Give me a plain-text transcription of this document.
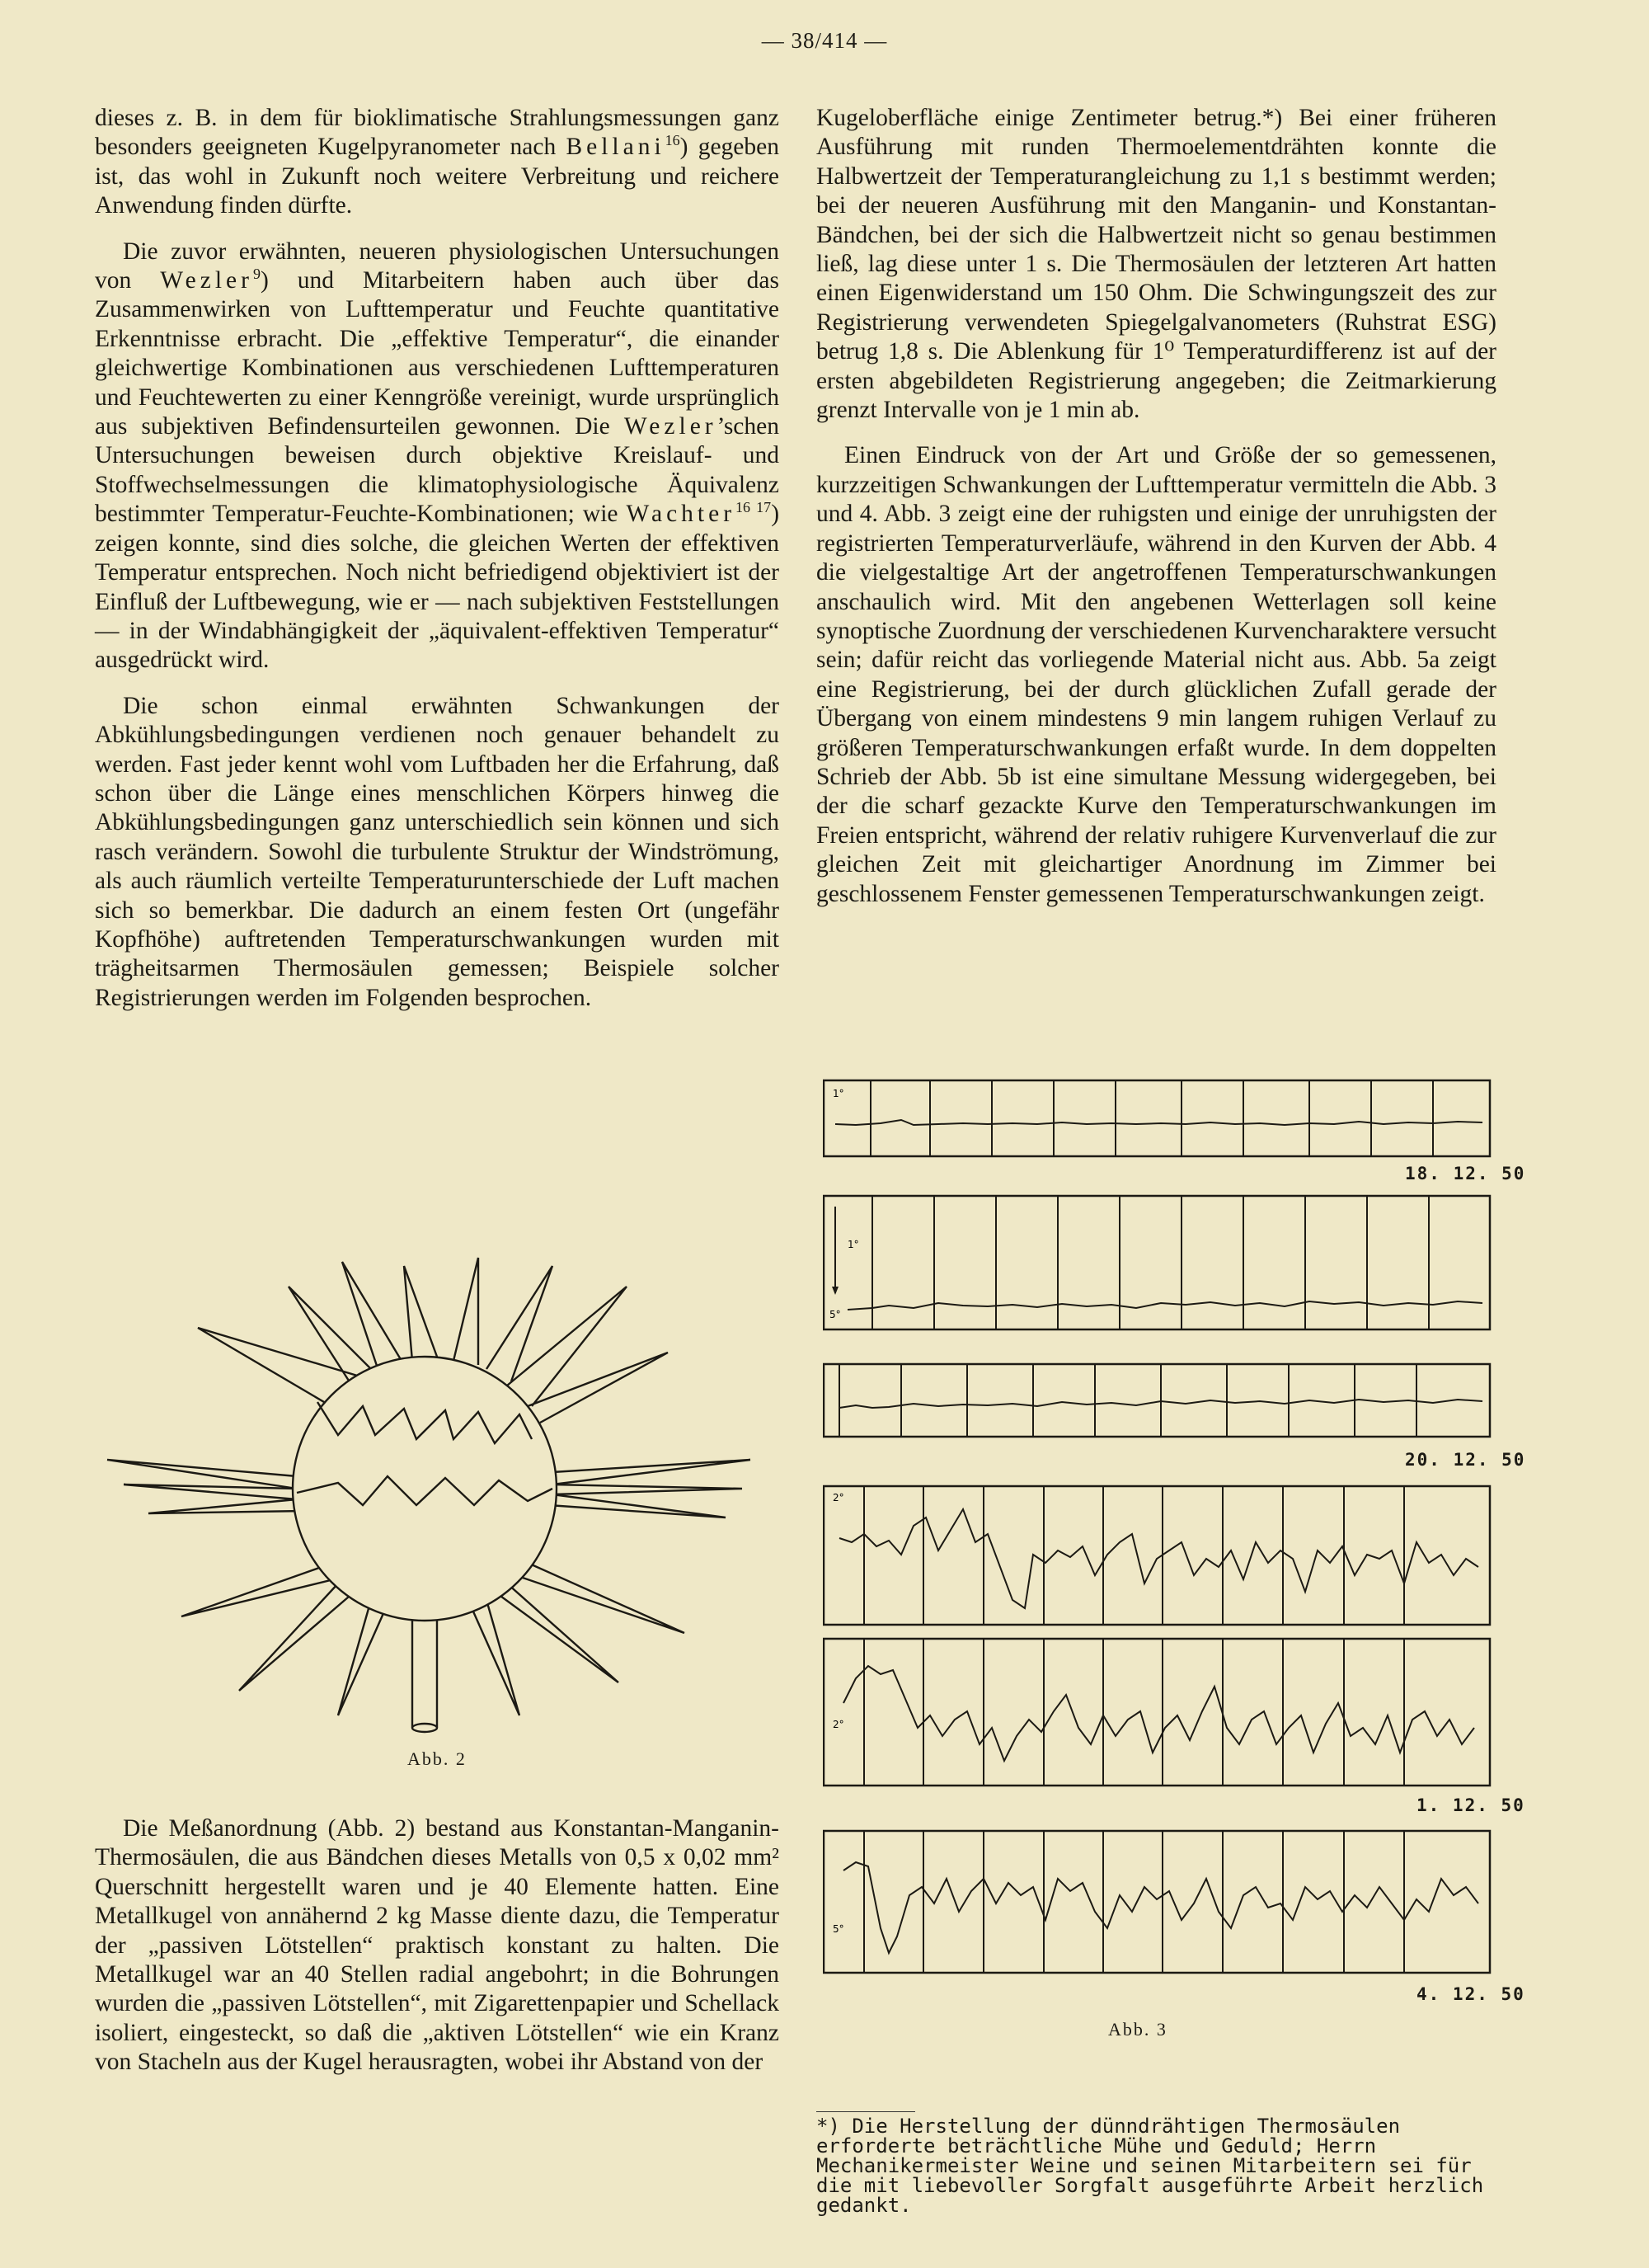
— 38/414 —

dieses z. B. in dem für bioklimatische Strahlungsmessungen ganz besonders geeigneten Kugelpyranometer nach Bellani$^{16}$) gegeben ist, das wohl in Zukunft noch weitere Verbreitung und reichere Anwendung finden dürfte.

Die zuvor erwähnten, neueren physiologischen Untersuchungen von Wezler$^9$) und Mitarbeitern haben auch über das Zusammenwirken von Lufttemperatur und Feuchte quantitative Erkenntnisse erbracht. Die „effektive Temperatur“, die einander gleichwertige Kombinationen aus verschiedenen Lufttemperaturen und Feuchtewerten zu einer Kenngröße vereinigt, wurde ursprünglich aus subjektiven Befindensurteilen gewonnen. Die Wezler’schen Untersuchungen beweisen durch objektive Kreislauf- und Stoffwechselmessungen die klimatophysiologische Äquivalenz bestimmter Temperatur-Feuchte-Kombinationen; wie Wachter$^{16 17}$) zeigen konnte, sind dies solche, die gleichen Werten der effektiven Temperatur entsprechen. Noch nicht befriedigend objektiviert ist der Einfluß der Luftbewegung, wie er — nach subjektiven Feststellungen — in der Windabhängigkeit der „äquivalent-effektiven Temperatur“ ausgedrückt wird.

Die schon einmal erwähnten Schwankungen der Abkühlungsbedingungen verdienen noch genauer behandelt zu werden. Fast jeder kennt wohl vom Luftbaden her die Erfahrung, daß schon über die Länge eines menschlichen Körpers hinweg die Abkühlungsbedingungen ganz unterschiedlich sein können und sich rasch verändern. Sowohl die turbulente Struktur der Windströmung, als auch räumlich verteilte Temperaturunterschiede der Luft machen sich so bemerkbar. Die dadurch an einem festen Ort (ungefähr Kopfhöhe) auftretenden Temperaturschwankungen wurden mit trägheitsarmen Thermosäulen gemessen; Beispiele solcher Registrierungen werden im Folgenden besprochen.

Abb. 2

Die Meßanordnung (Abb. 2) bestand aus Konstantan-Manganin-Thermosäulen, die aus Bändchen dieses Metalls von 0,5 x 0,02 mm² Querschnitt hergestellt waren und je 40 Elemente hatten. Eine Metallkugel von annähernd 2 kg Masse diente dazu, die Temperatur der „passiven Lötstellen“ praktisch konstant zu halten. Die Metallkugel war an 40 Stellen radial angebohrt; in die Bohrungen wurden die „passiven Lötstellen“, mit Zigarettenpapier und Schellack isoliert, eingesteckt, so daß die „aktiven Lötstellen“ wie ein Kranz von Stacheln aus der Kugel herausragten, wobei ihr Abstand von der

Kugeloberfläche einige Zentimeter betrug.*) Bei einer früheren Ausführung mit runden Thermoelementdrähten konnte die Halbwertzeit der Temperaturangleichung zu 1,1 s bestimmt werden; bei der neueren Ausführung mit den Manganin- und Konstantan-Bändchen, bei der sich die Halbwertzeit nicht so genau bestimmen ließ, lag diese unter 1 s. Die Thermosäulen der letzteren Art hatten einen Eigenwiderstand um 150 Ohm. Die Schwingungszeit des zur Registrierung verwendeten Spiegelgalvanometers (Ruhstrat ESG) betrug 1,8 s. Die Ablenkung für 1⁰ Temperaturdifferenz ist auf der ersten abgebildeten Registrierung angegeben; die Zeitmarkierung grenzt Intervalle von je 1 min ab.

Einen Eindruck von der Art und Größe der so gemessenen, kurzzeitigen Schwankungen der Lufttemperatur vermitteln die Abb. 3 und 4. Abb. 3 zeigt eine der ruhigsten und einige der unruhigsten der registrierten Temperaturverläufe, während in den Kurven der Abb. 4 die vielgestaltige Art der angetroffenen Temperaturschwankungen anschaulich wird. Mit den angebenen Wetterlagen soll keine synoptische Zuordnung der verschiedenen Kurvencharaktere versucht sein; dafür reicht das vorliegende Material nicht aus. Abb. 5a zeigt eine Registrierung, bei der durch glücklichen Zufall gerade der Übergang von einem mindestens 9 min langem ruhigen Verlauf zu größeren Temperaturschwankungen erfaßt wurde. In dem doppelten Schrieb der Abb. 5b ist eine simultane Messung widergegeben, bei der die scharf gezackte Kurve den Temperaturschwankungen im Freien entspricht, während der relativ ruhigere Kurvenverlauf die zur gleichen Zeit mit gleichartiger Anordnung im Zimmer bei geschlossenem Fenster gemessenen Temperaturschwankungen zeigt.

1°
18. 12. 50
1°
5°
20. 12. 50
2°
2°
1. 12. 50
5°
4. 12. 50
Abb. 3
*) Die Herstellung der dünndrähtigen Thermosäulen erforderte beträchtliche Mühe und Geduld; Herrn Mechanikermeister Weine und seinen Mitarbeitern sei für die mit liebevoller Sorgfalt ausgeführte Arbeit herzlich gedankt.
